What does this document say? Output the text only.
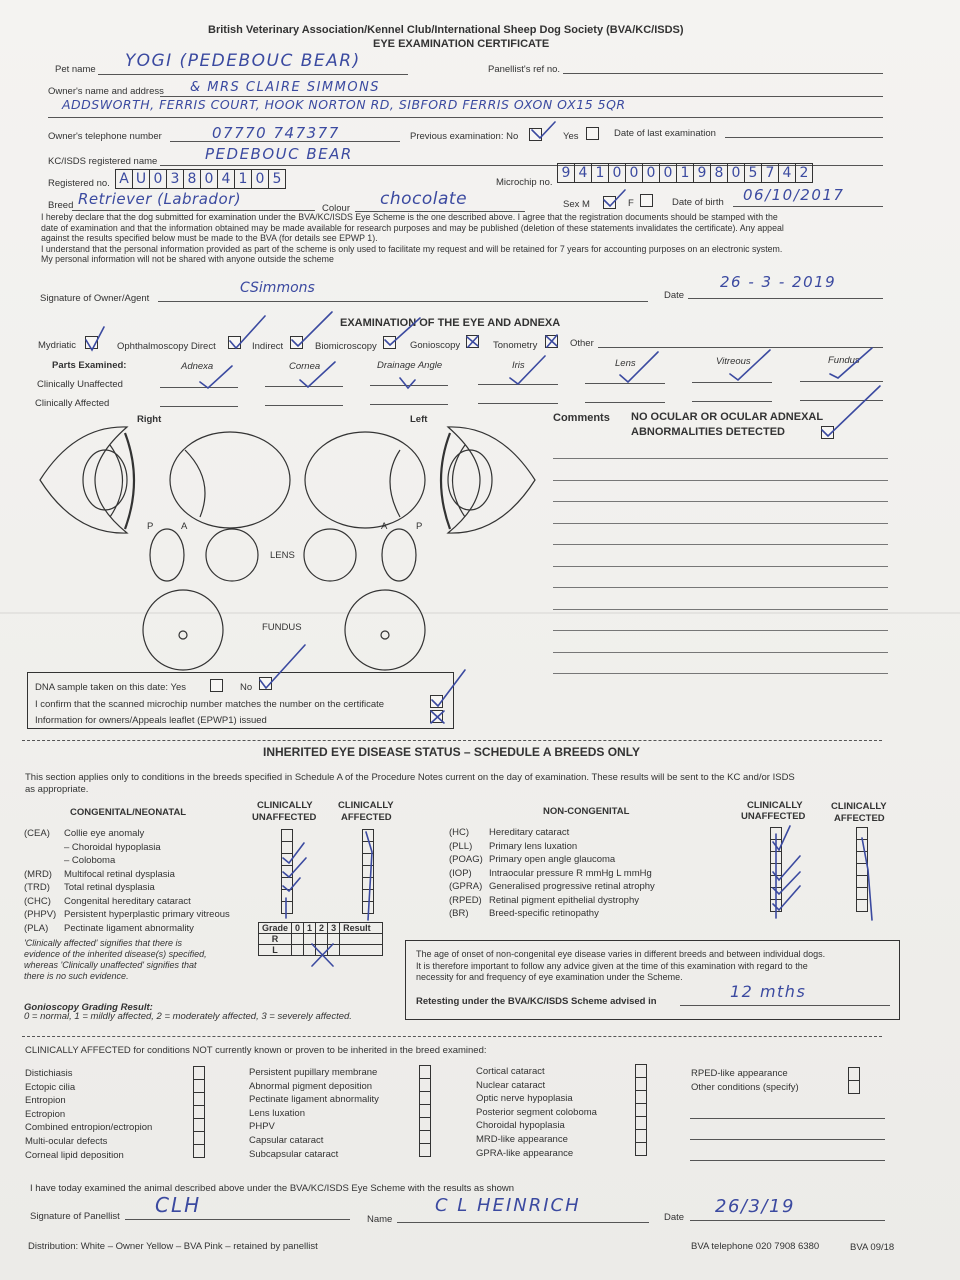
British Veterinary Association/Kennel Club/International Sheep Dog Society (BVA/KC/ISDS)
EYE EXAMINATION CERTIFICATE
Pet name YOGI (PEDEBOUC BEAR)	Panellist's ref no.
Owner's name and address & MRS CLAIRE SIMMONS
ADDSWORTH, FERRIS COURT, HOOK NORTON RD, SIBFORD FERRIS OXON OX15 5QR
Owner's telephone number	07770 747377	Previous examination: No	Yes	Date of last examination
KC/ISDS registered name	PEDEBOUC BEAR
Registered no. A U 0 3 8 0 4 1 0 5	Microchip no.
9 4 1 0 0 0 0 1 9 8 0 5 7 4 2
Breed Retriever (Labrador)
Colour chocolate	Sex M	F	Date of birth 06/10/2017
I hereby declare that the dog submitted for examination under the BVA/KC/ISDS Eye Scheme is the one described above. I agree that the registration documents should be stamped with the
date of examination and that the information obtained may be made available for research purposes and may be published (deletion of these statements invalidates the certificate). Any appeal
against the results specified below must be made to the BVA (for details see EPWP 1).
I understand that the personal information provided as part of the scheme is only used to facilitate my request and will be retained for 7 years for accounting purposes on an electronic system.
My personal information will not be shared with anyone outside the scheme
Signature of Owner/Agent
CSimmons	Date
26 - 3 - 2019
EXAMINATION OF THE EYE AND ADNEXA
Mydriatic	Ophthalmoscopy Direct	Indirect	Biomicroscopy	Gonioscopy	Tonometry	Other
Parts Examined:	Adnexa	Cornea	Drainage Angle	Iris	Lens	Vitreous	Fundus
Clinically Unaffected
Clinically Affected
Right	Left
P	A	A	P
LENS
FUNDUS
Comments NO OCULAR OR OCULAR ADNEXAL
ABNORMALITIES DETECTED
DNA sample taken on this date: Yes	No
I confirm that the scanned microchip number matches the number on the certificate
Information for owners/Appeals leaflet (EPWP1) issued
INHERITED EYE DISEASE STATUS – SCHEDULE A BREEDS ONLY
This section applies only to conditions in the breeds specified in Schedule A of the Procedure Notes current on the day of examination. These results will be sent to the KC and/or ISDS
as appropriate.
CONGENITAL/NEONATAL
CLINICALLY
UNAFFECTED
CLINICALLY
AFFECTED
(CEA) Collie eye anomaly
– Choroidal hypoplasia
– Coloboma
(MRD) Multifocal retinal dysplasia
(TRD) Total retinal dysplasia
(CHC) Congenital hereditary cataract
(PHPV) Persistent hyperplastic primary vitreous
(PLA) Pectinate ligament abnormality	Grade	0	1	2	3	Result
R					
L					
'Clinically affected' signifies that there is
evidence of the inherited disease(s) specified,
whereas 'Clinically unaffected' signifies that
there is no such evidence.
Gonioscopy Grading Result:
0 = normal, 1 = mildly affected, 2 = moderately affected, 3 = severely affected.
NON-CONGENITAL
CLINICALLY
UNAFFECTED
CLINICALLY
AFFECTED
(HC) Hereditary cataract
(PLL) Primary lens luxation
(POAG) Primary open angle glaucoma
(IOP) Intraocular pressure R mmHg L mmHg
(GPRA) Generalised progressive retinal atrophy
(RPED) Retinal pigment epithelial dystrophy
(BR) Breed-specific retinopathy
The age of onset of non-congenital eye disease varies in different breeds and between individual dogs.
It is therefore important to follow any advice given at the time of this examination with regard to the
necessity for and frequency of eye examination under the Scheme.
Retesting under the BVA/KC/ISDS Scheme advised in
12 mths
CLINICALLY AFFECTED for conditions NOT currently known or proven to be inherited in the breed examined:
Distichiasis
Ectopic cilia
Entropion
Ectropion
Combined entropion/ectropion
Multi-ocular defects
Corneal lipid deposition
Persistent pupillary membrane
Abnormal pigment deposition
Pectinate ligament abnormality
Lens luxation
PHPV
Capsular cataract
Subcapsular cataract
Cortical cataract
Nuclear cataract
Optic nerve hypoplasia
Posterior segment coloboma
Choroidal hypoplasia
MRD-like appearance
GPRA-like appearance
RPED-like appearance
Other conditions (specify)
I have today examined the animal described above under the BVA/KC/ISDS Eye Scheme with the results as shown
Signature of Panellist CLH
Name
C L HEINRICH
Date
26/3/19
Distribution: White – Owner Yellow – BVA Pink – retained by panellist	BVA telephone 020 7908 6380	BVA 09/18
